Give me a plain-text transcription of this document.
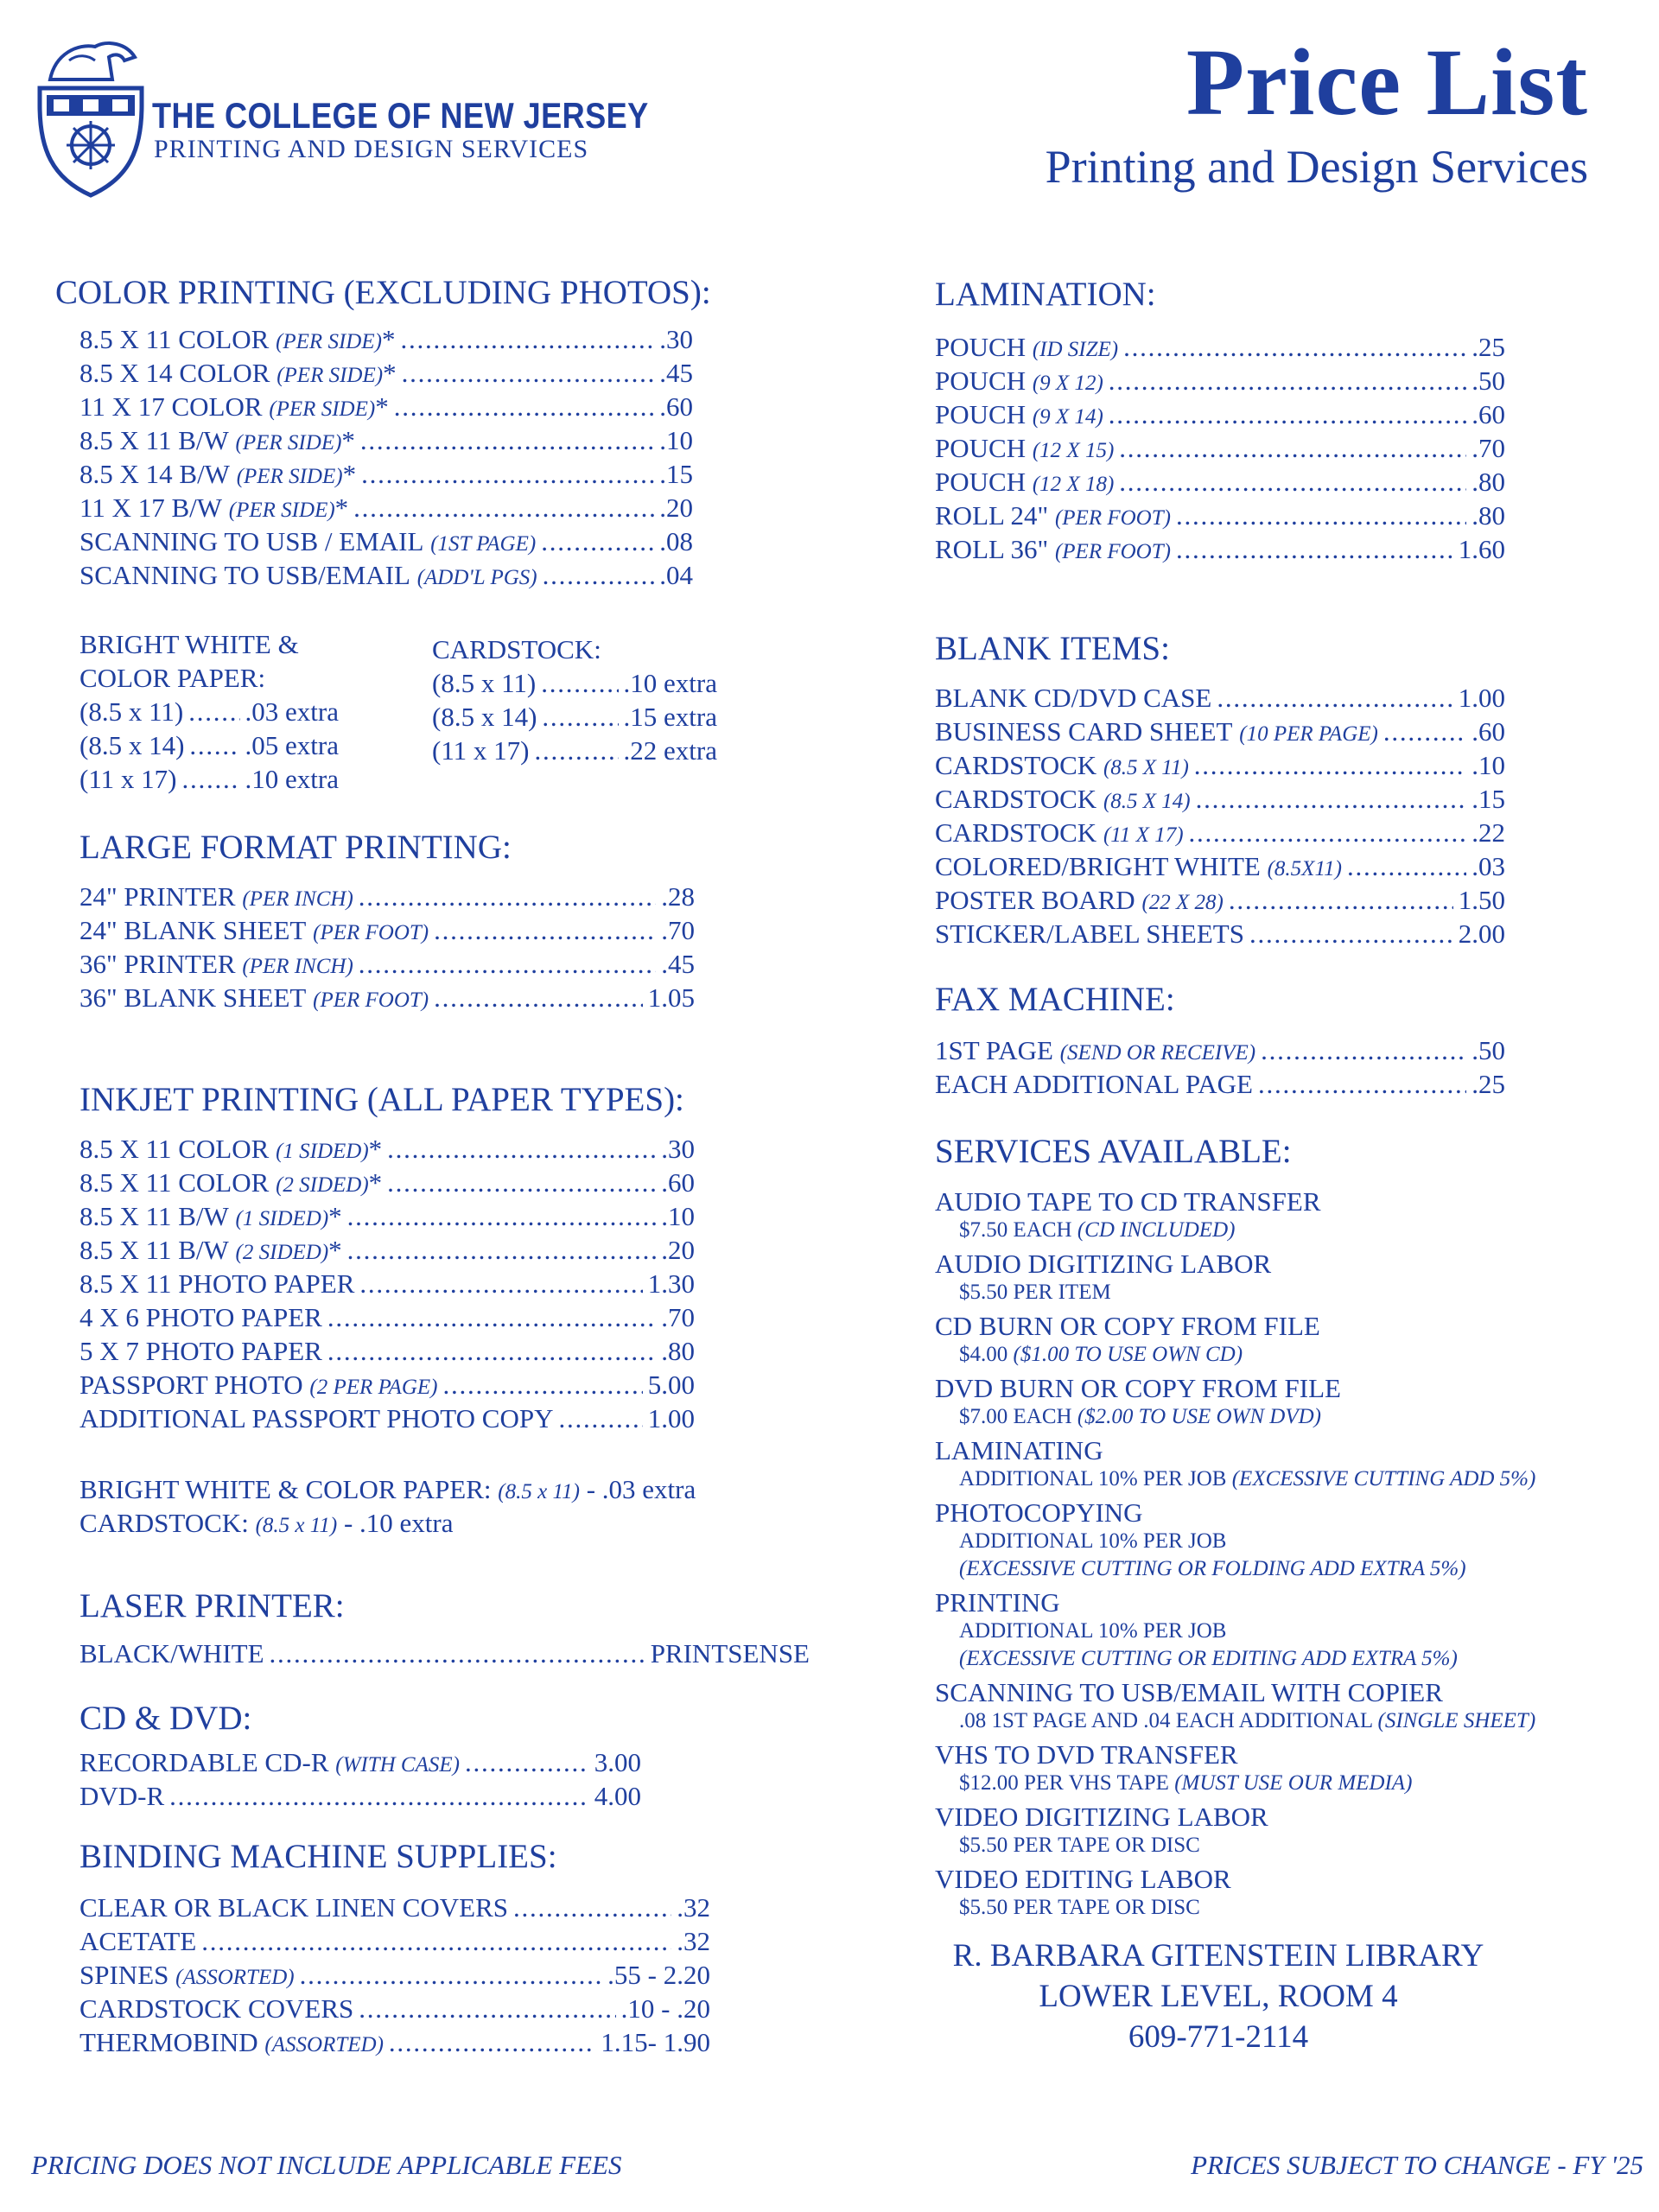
THE COLLEGE OF NEW JERSEY
PRINTING AND DESIGN SERVICES
Price List
Printing and Design Services
COLOR PRINTING (EXCLUDING PHOTOS):
8.5 X 11 COLOR
(PER SIDE) * . . .	.30
8.5 X 14 COLOR
(PER SIDE) * . . .	.45
11 X 17 COLOR
(PER SIDE) * . . .	.60
8.5 X 11 B/W
(PER SIDE) * . . .	.10
8.5 X 14 B/W
(PER SIDE) * . . .	.15
11 X 17 B/W
(PER SIDE) * . . .	.20
SCANNING TO USB / EMAIL
(1ST PAGE) . . .	.08
SCANNING TO USB/EMAIL
(ADD'L PGS) . . .	.04
BRIGHT WHITE &
COLOR PAPER:
(8.5 x 11) . . . .03 extra
(8.5 x 14) . . . .05 extra
(11 x 17) . . .	.10 extra
CARDSTOCK:
(8.5 x 11) . . .	.10 extra
(8.5 x 14) . . .	.15 extra
(11 x 17) . . .	.22 extra
LARGE FORMAT PRINTING:
24" PRINTER
(PER INCH) . . .	.28
24" BLANK SHEET
(PER FOOT) . . .	.70
36" PRINTER
(PER INCH) . . .	.45
36" BLANK SHEET
(PER FOOT) . . .	1.05
INKJET PRINTING (ALL PAPER TYPES):
8.5 X 11 COLOR
(1 SIDED) * . . .	.30
8.5 X 11 COLOR
(2 SIDED) * . . .	.60
8.5 X 11 B/W
(1 SIDED) * . . .	.10
8.5 X 11 B/W
(2 SIDED) * . . .	.20
8.5 X 11 PHOTO PAPER . . .	1.30
4 X 6 PHOTO PAPER . . .	.70
5 X 7 PHOTO PAPER . . .	.80
PASSPORT PHOTO
(2 PER PAGE) . . .	5.00
ADDITIONAL PASSPORT PHOTO COPY . . .	1.00
BRIGHT WHITE & COLOR PAPER: (8.5 x 11) - .03 extra
CARDSTOCK: (8.5 x 11) - .10 extra
LASER PRINTER:
BLACK/WHITE . . .	PRINTSENSE
CD & DVD:
RECORDABLE CD-R
(WITH CASE) . . .	3.00
DVD-R . . .	4.00
BINDING MACHINE SUPPLIES:
CLEAR OR BLACK LINEN COVERS . . .	.32
ACETATE . . .	.32
SPINES
(ASSORTED) . . .	.55 - 2.20
CARDSTOCK COVERS . . .	.10 - .20
THERMOBIND
(ASSORTED) . . .	1.15- 1.90
LAMINATION:
POUCH
(ID SIZE) . . .	.25
POUCH
(9 X 12) . . .	.50
POUCH
(9 X 14) . . .	.60
POUCH
(12 X 15) . . .	.70
POUCH
(12 X 18) . . .	.80
ROLL 24"
(PER FOOT) . . .	.80
ROLL 36"
(PER FOOT) . . .	1.60
BLANK ITEMS:
BLANK CD/DVD CASE . . .	1.00
BUSINESS CARD SHEET
(10 PER PAGE) . . .	.60
CARDSTOCK
(8.5 X 11) . . .	.10
CARDSTOCK
(8.5 X 14) . . .	.15
CARDSTOCK
(11 X 17) . . .	.22
COLORED/BRIGHT WHITE
(8.5X11) . . .	.03
POSTER BOARD
(22 X 28) . . .	1.50
STICKER/LABEL SHEETS . . .	2.00
FAX MACHINE:
1ST PAGE
(SEND OR RECEIVE) . . .	.50
EACH ADDITIONAL PAGE . . .	.25
SERVICES AVAILABLE:
AUDIO TAPE TO CD TRANSFER
$7.50 EACH (CD INCLUDED)
AUDIO DIGITIZING LABOR
$5.50 PER ITEM
CD BURN OR COPY FROM FILE
$4.00 ($1.00 TO USE OWN CD)
DVD BURN OR COPY FROM FILE
$7.00 EACH ($2.00 TO USE OWN DVD)
LAMINATING
ADDITIONAL 10% PER JOB (EXCESSIVE CUTTING ADD 5%)
PHOTOCOPYING
ADDITIONAL 10% PER JOB
(EXCESSIVE CUTTING OR FOLDING ADD EXTRA 5%)
PRINTING
ADDITIONAL 10% PER JOB
(EXCESSIVE CUTTING OR EDITING ADD EXTRA 5%)
SCANNING TO USB/EMAIL WITH COPIER
.08 1ST PAGE AND .04 EACH ADDITIONAL (SINGLE SHEET)
VHS TO DVD TRANSFER
$12.00 PER VHS TAPE (MUST USE OUR MEDIA)
VIDEO DIGITIZING LABOR
$5.50 PER TAPE OR DISC
VIDEO EDITING LABOR
$5.50 PER TAPE OR DISC
R. BARBARA GITENSTEIN LIBRARY
LOWER LEVEL, ROOM 4
609-771-2114
PRICING DOES NOT INCLUDE APPLICABLE FEES	PRICES SUBJECT TO CHANGE - FY '25
